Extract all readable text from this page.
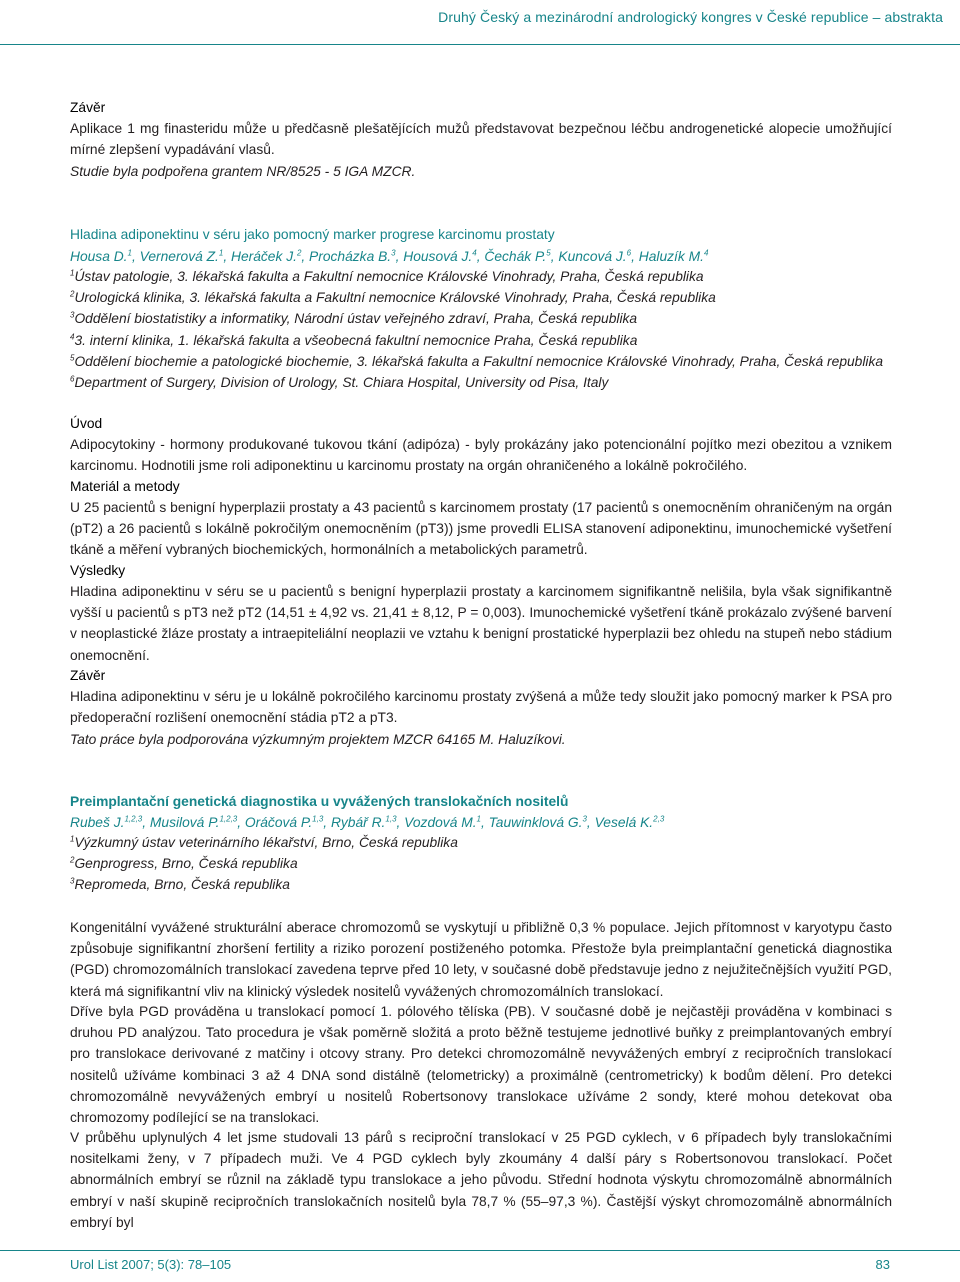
Druhý Český a mezinárodní andrologický kongres v České republice – abstrakta

Závěr

Aplikace 1 mg finasteridu může u předčasně plešatějících mužů představovat bezpečnou léčbu androgenetické alopecie umožňující mírné zlepšení vypadávání vlasů.

Studie byla podpořena grantem NR/8525 - 5 IGA MZCR.

Hladina adiponektinu v séru jako pomocný marker progrese karcinomu prostaty

Housa D.$^1$, Vernerová Z.$^1$, Heráček J.$^2$, Procházka B.$^3$, Housová J.$^4$, Čechák P.$^5$, Kuncová J.$^6$, Haluzík M.$^4$

$^1$Ústav patologie, 3. lékařská fakulta a Fakultní nemocnice Královské Vinohrady, Praha, Česká republika
$^2$Urologická klinika, 3. lékařská fakulta a Fakultní nemocnice Královské Vinohrady, Praha, Česká republika
$^3$Oddělení biostatistiky a informatiky, Národní ústav veřejného zdraví, Praha, Česká republika
$^4$3. interní klinika, 1. lékařská fakulta a všeobecná fakultní nemocnice Praha, Česká republika
$^5$Oddělení biochemie a patologické biochemie, 3. lékařská fakulta a Fakultní nemocnice Královské Vinohrady, Praha, Česká republika
$^6$Department of Surgery, Division of Urology, St. Chiara Hospital, University od Pisa, Italy

Úvod

Adipocytokiny - hormony produkované tukovou tkání (adipóza) - byly prokázány jako potencionální pojítko mezi obezitou a vznikem karcinomu. Hodnotili jsme roli adiponektinu u karcinomu prostaty na orgán ohraničeného a lokálně pokročilého.

Materiál a metody

U 25 pacientů s benigní hyperplazii prostaty a 43 pacientů s karcinomem prostaty (17 pacientů s onemocněním ohraničeným na orgán (pT2) a 26 pacientů s lokálně pokročilým onemocněním (pT3)) jsme provedli ELISA stanovení adiponektinu, imunochemické vyšetření tkáně a měření vybraných biochemických, hormonálních a metabolických parametrů.

Výsledky

Hladina adiponektinu v séru se u pacientů s benigní hyperplazii prostaty a karcinomem signifikantně nelišila, byla však signifikantně vyšší u pacientů s pT3 než pT2 (14,51 ± 4,92 vs. 21,41 ± 8,12, P = 0,003). Imunochemické vyšetření tkáně prokázalo zvýšené barvení v neoplastické žláze prostaty a intraepiteliální neoplazii ve vztahu k benigní prostatické hyperplazii bez ohledu na stupeň nebo stádium onemocnění.

Závěr

Hladina adiponektinu v séru je u lokálně pokročilého karcinomu prostaty zvýšená a může tedy sloužit jako pomocný marker k PSA pro předoperační rozlišení onemocnění stádia pT2 a pT3.

Tato práce byla podporována výzkumným projektem MZCR 64165 M. Haluzíkovi.

Preimplantační genetická diagnostika u vyvážených translokačních nositelů

Rubeš J.$^{1,2,3}$, Musilová P.$^{1,2,3}$, Oráčová P.$^{1,3}$, Rybář R.$^{1,3}$, Vozdová M.$^1$, Tauwinklová G.$^3$, Veselá K.$^{2,3}$

$^1$Výzkumný ústav veterinárního lékařství, Brno, Česká republika
$^2$Genprogress, Brno, Česká republika
$^3$Repromeda, Brno, Česká republika

Kongenitální vyvážené strukturální aberace chromozomů se vyskytují u přibližně 0,3 % populace. Jejich přítomnost v karyotypu často způsobuje signifikantní zhoršení fertility a riziko porození postiženého potomka. Přestože byla preimplantační genetická diagnostika (PGD) chromozomálních translokací zavedena teprve před 10 lety, v současné době představuje jedno z nejužitečnějších využití PGD, která má signifikantní vliv na klinický výsledek nositelů vyvážených chromozomálních translokací.

Dříve byla PGD prováděna u translokací pomocí 1. pólového tělíska (PB). V současné době je nejčastěji prováděna v kombinaci s druhou PD analýzou. Tato procedura je však poměrně složitá a proto běžně testujeme jednotlivé buňky z preimplantovaných embryí pro translokace derivované z matčiny i otcovy strany. Pro detekci chromozomálně nevyvážených embryí z recipročních translokací nositelů užíváme kombinaci 3 až 4 DNA sond distálně (telometricky) a proximálně (centrometricky) k bodům dělení. Pro detekci chromozomálně nevyvážených embryí u nositelů Robertsonovy translokace užíváme 2 sondy, které mohou detekovat oba chromozomy podílející se na translokaci.

V průběhu uplynulých 4 let jsme studovali 13 párů s reciproční translokací v 25 PGD cyklech, v 6 případech byly translokačními nositelkami ženy, v 7 případech muži. Ve 4 PGD cyklech byly zkoumány 4 další páry s Robertsonovou translokací. Počet abnormálních embryí se různil na základě typu translokace a jeho původu. Střední hodnota výskytu chromozomálně abnormálních embryí v naší skupině recipročních translokačních nositelů byla 78,7 % (55–97,3 %). Častější výskyt chromozomálně abnormálních embryí byl

Urol List 2007; 5(3): 78–105	83
